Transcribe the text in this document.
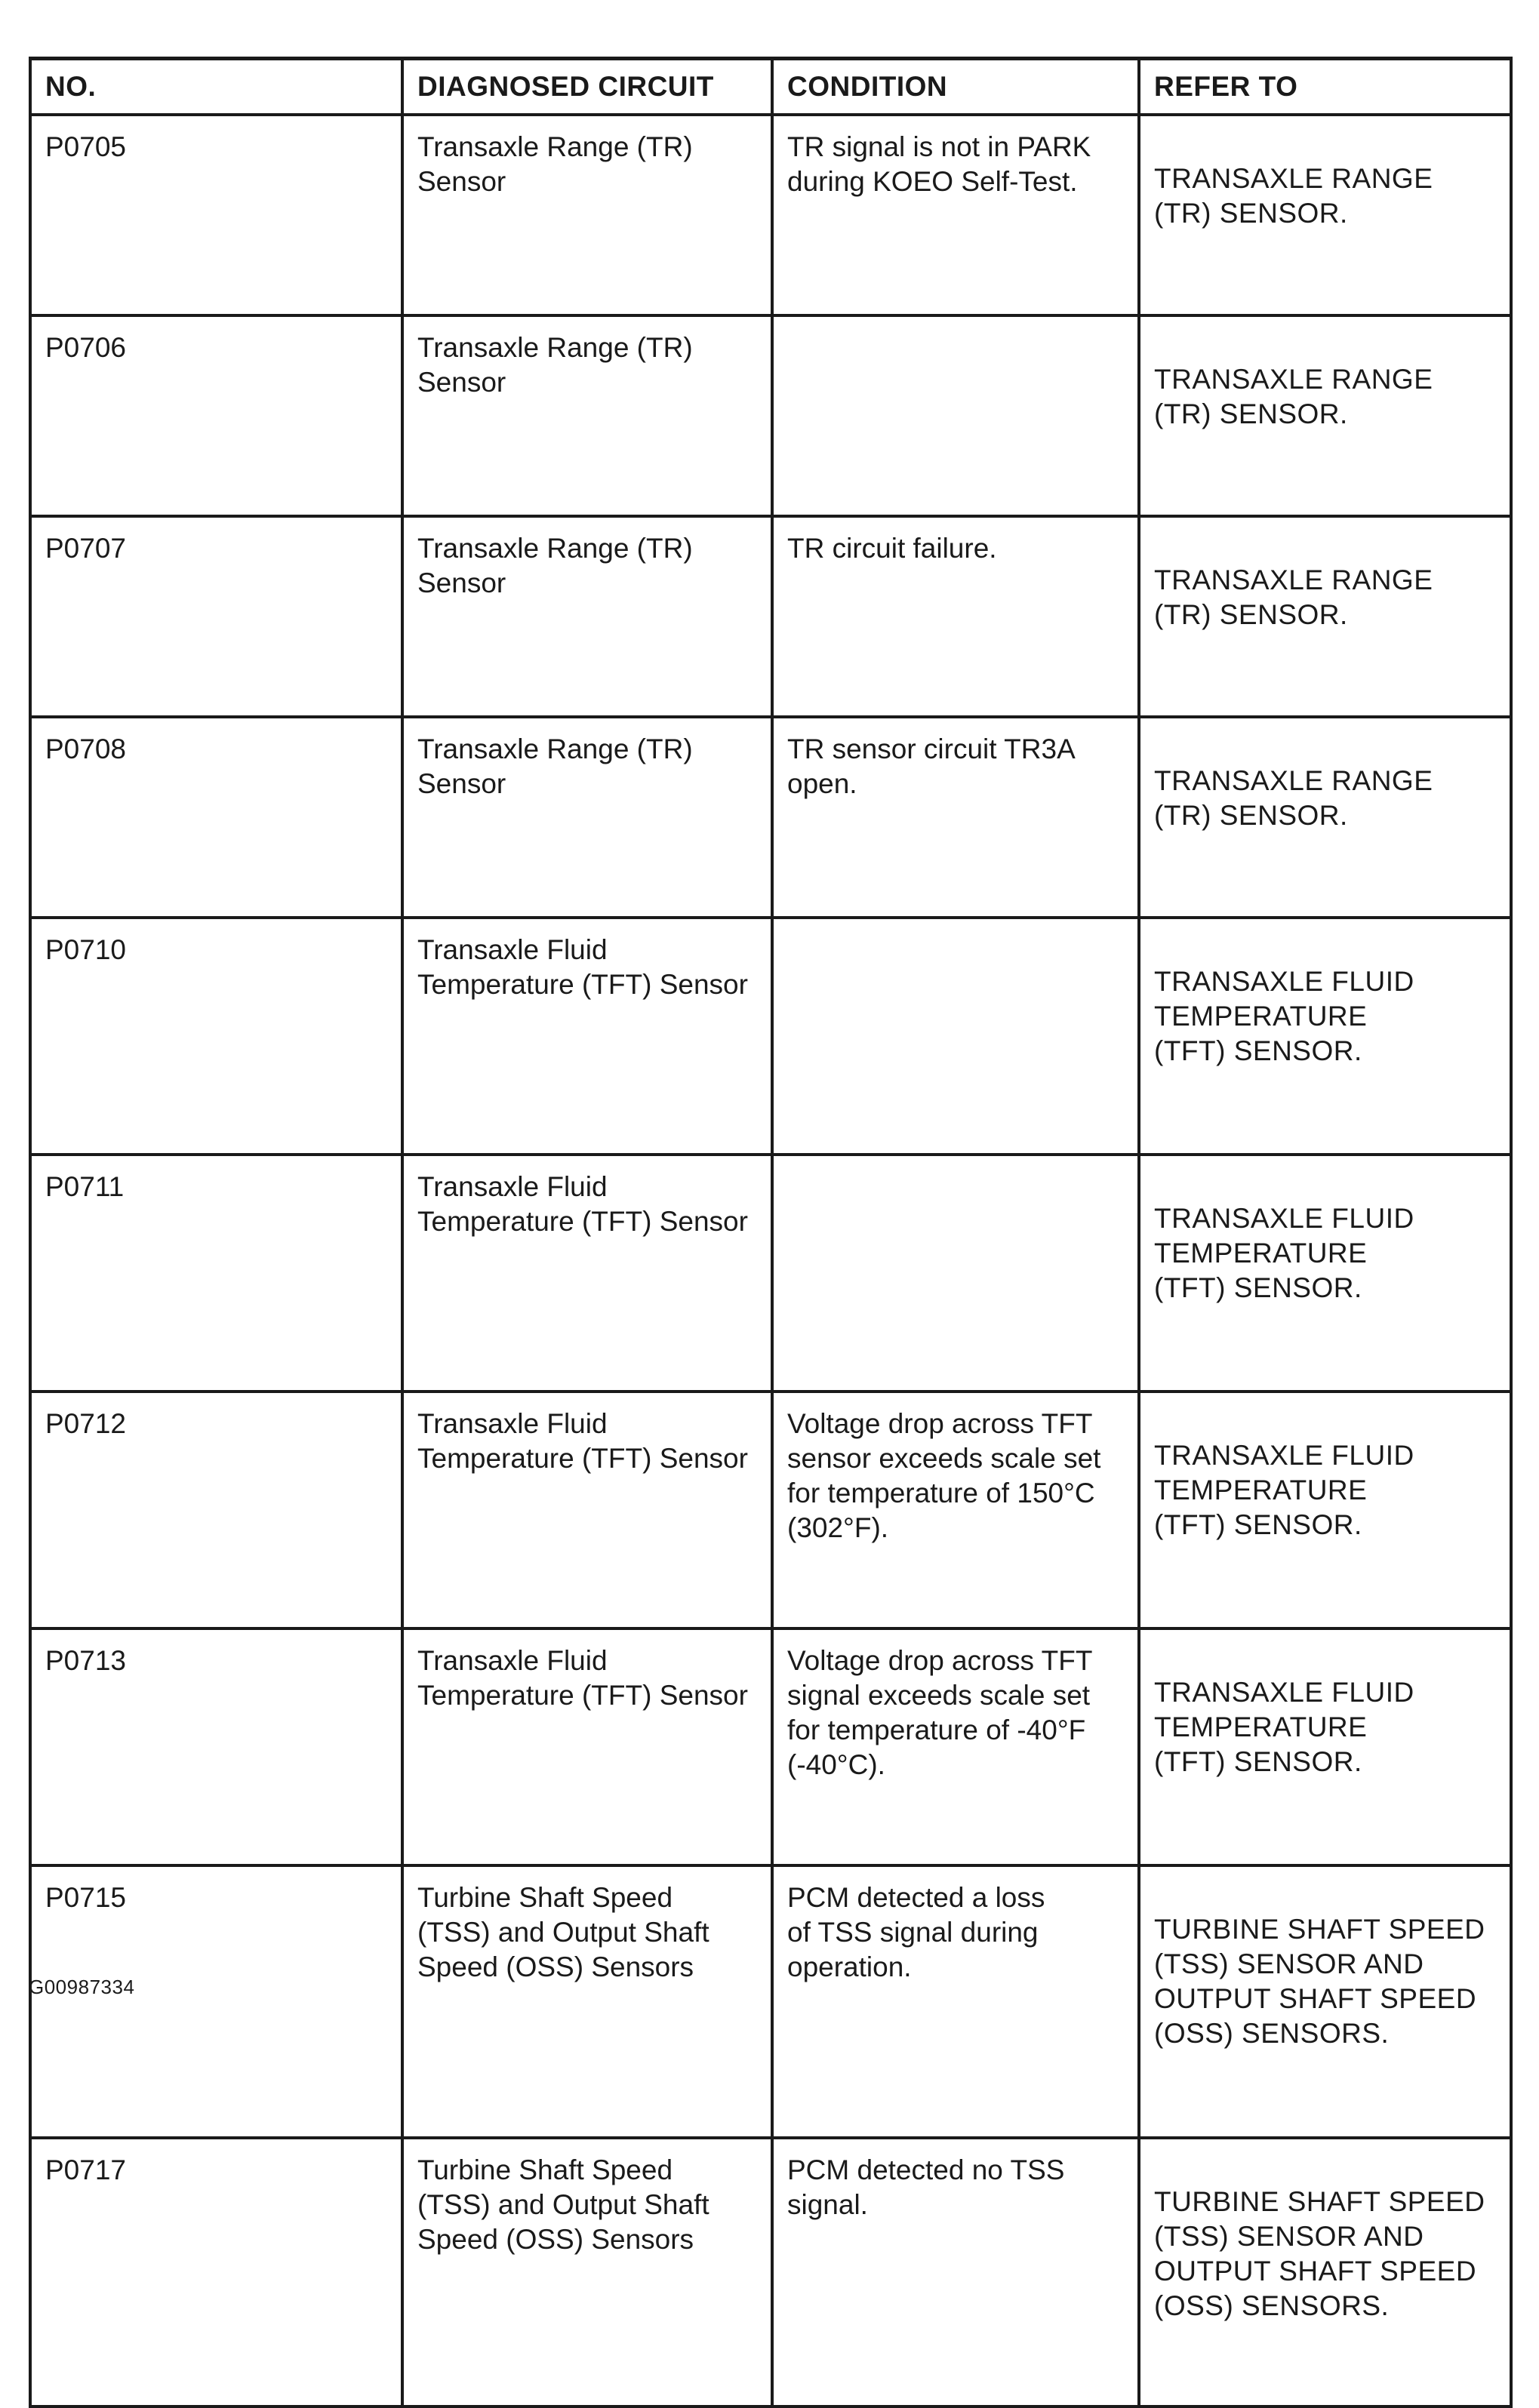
NO.	DIAGNOSED CIRCUIT	CONDITION	REFER TO
P0705	Transaxle Range (TR)
Sensor	TR signal is not in PARK
during KOEO Self-Test.	TRANSAXLE RANGE
(TR) SENSOR.
P0706	Transaxle Range (TR)
Sensor		TRANSAXLE RANGE
(TR) SENSOR.
P0707	Transaxle Range (TR)
Sensor	TR circuit failure.	TRANSAXLE RANGE
(TR) SENSOR.
P0708	Transaxle Range (TR)
Sensor	TR sensor circuit TR3A
open.	TRANSAXLE RANGE
(TR) SENSOR.
P0710	Transaxle Fluid
Temperature (TFT) Sensor		TRANSAXLE FLUID
TEMPERATURE
(TFT) SENSOR.
P0711	Transaxle Fluid
Temperature (TFT) Sensor		TRANSAXLE FLUID
TEMPERATURE
(TFT) SENSOR.
P0712	Transaxle Fluid
Temperature (TFT) Sensor	Voltage drop across TFT
sensor exceeds scale set
for temperature of 150°C
(302°F).	TRANSAXLE FLUID
TEMPERATURE
(TFT) SENSOR.
P0713	Transaxle Fluid
Temperature (TFT) Sensor	Voltage drop across TFT
signal exceeds scale set
for temperature of -40°F
(-40°C).	TRANSAXLE FLUID
TEMPERATURE
(TFT) SENSOR.
P0715	Turbine Shaft Speed
(TSS) and Output Shaft
Speed (OSS) Sensors	PCM detected a loss
of TSS signal during
operation.	TURBINE SHAFT SPEED
(TSS) SENSOR AND
OUTPUT SHAFT SPEED
(OSS) SENSORS.
P0717	Turbine Shaft Speed
(TSS) and Output Shaft
Speed (OSS) Sensors	PCM detected no TSS
signal.	TURBINE SHAFT SPEED
(TSS) SENSOR AND
OUTPUT SHAFT SPEED
(OSS) SENSORS.
G00987334
